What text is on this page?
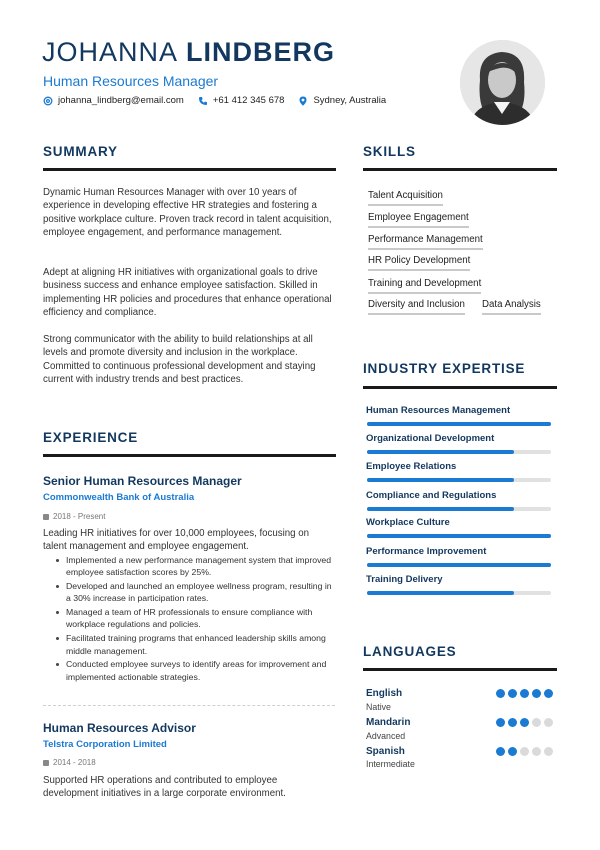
JOHANNA LINDBERG
Human Resources Manager
johanna_lindberg@email.com	+61 412 345 678	Sydney, Australia
SUMMARY
Dynamic Human Resources Manager with over 10 years of experience in developing effective HR strategies and fostering a positive workplace culture. Proven track record in talent acquisition, employee engagement, and performance management.
Adept at aligning HR initiatives with organizational goals to drive business success and enhance employee satisfaction. Skilled in implementing HR policies and procedures that enhance operational efficiency and compliance.
Strong communicator with the ability to build relationships at all levels and promote diversity and inclusion in the workplace. Committed to continuous professional development and staying current with industry trends and best practices.
EXPERIENCE
Senior Human Resources Manager
Commonwealth Bank of Australia
2018 - Present
Leading HR initiatives for over 10,000 employees, focusing on talent management and employee engagement.
Implemented a new performance management system that improved employee satisfaction scores by 25%.
Developed and launched an employee wellness program, resulting in a 30% increase in participation rates.
Managed a team of HR professionals to ensure compliance with workplace regulations and policies.
Facilitated training programs that enhanced leadership skills among middle management.
Conducted employee surveys to identify areas for improvement and implemented actionable strategies.
Human Resources Advisor
Telstra Corporation Limited
2014 - 2018
Supported HR operations and contributed to employee development initiatives in a large corporate environment.
SKILLS
Talent Acquisition
Employee Engagement
Performance Management
HR Policy Development
Training and Development
Diversity and Inclusion Data Analysis
INDUSTRY EXPERTISE
Human Resources Management
Organizational Development
Employee Relations
Compliance and Regulations
Workplace Culture
Performance Improvement
Training Delivery
LANGUAGES
English
Native
Mandarin
Advanced
Spanish
Intermediate
